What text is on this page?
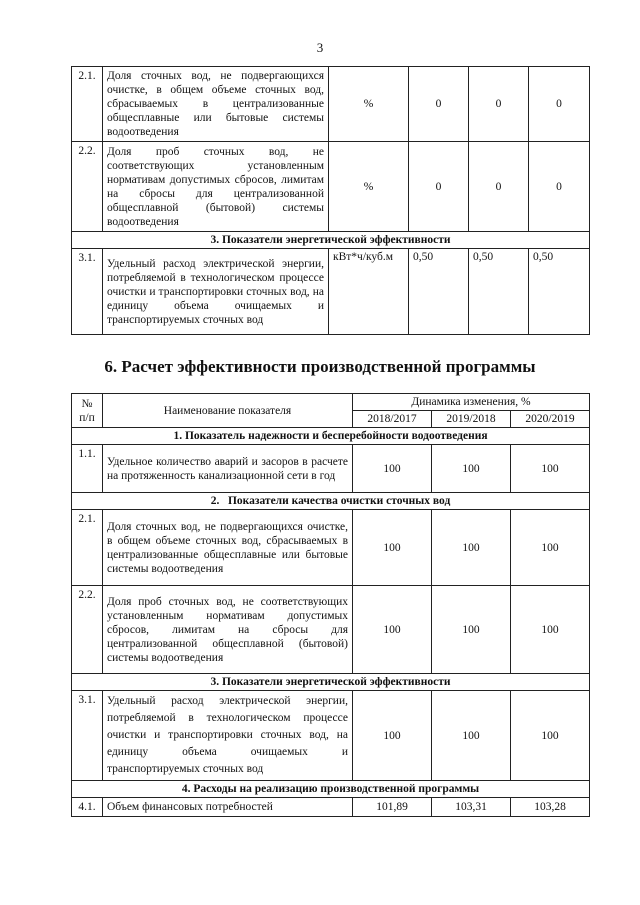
3
2.1.	Доля сточных вод, не подвергающихся очистке, в общем объеме сточных вод, сбрасываемых в централизованные общесплавные или бытовые системы водоотведения	%	0	0	0
2.2.	Доля проб сточных вод, не соответствующих установленным нормативам допустимых сбросов, лимитам на сбросы для централизованной общесплавной (бытовой) системы водоотведения	%	0	0	0
3. Показатели энергетической эффективности					
3.1.	Удельный расход электрической энергии, потребляемой в технологическом процессе очистки и транспортировки сточных вод, на единицу объема очищаемых и транспортируемых сточных вод	кВт*ч/куб.м	0,50	0,50	0,50
6. Расчет эффективности производственной программы
№
п/п	Наименование показателя	Динамика изменения, %		
		2018/2017	2019/2018	2020/2019
1. Показатель надежности и бесперебойности водоотведения				
1.1.	Удельное количество аварий и засоров в расчете на протяженность канализационной сети в год	100	100	100
2.   Показатели качества очистки сточных вод				
2.1.	Доля сточных вод, не подвергающихся очистке, в общем объеме сточных вод, сбрасываемых в централизованные общесплавные или бытовые системы водоотведения	100	100	100
2.2.	Доля проб сточных вод, не соответствующих установленным нормативам допустимых сбросов, лимитам на сбросы для централизованной общесплавной (бытовой) системы водоотведения	100	100	100
3. Показатели энергетической эффективности				
3.1.	Удельный расход электрической энергии, потребляемой в технологическом процессе очистки и транспортировки сточных вод, на единицу объема очищаемых и транспортируемых сточных вод	100	100	100
4. Расходы на реализацию производственной программы				
4.1.	Объем финансовых потребностей	101,89	103,31	103,28
